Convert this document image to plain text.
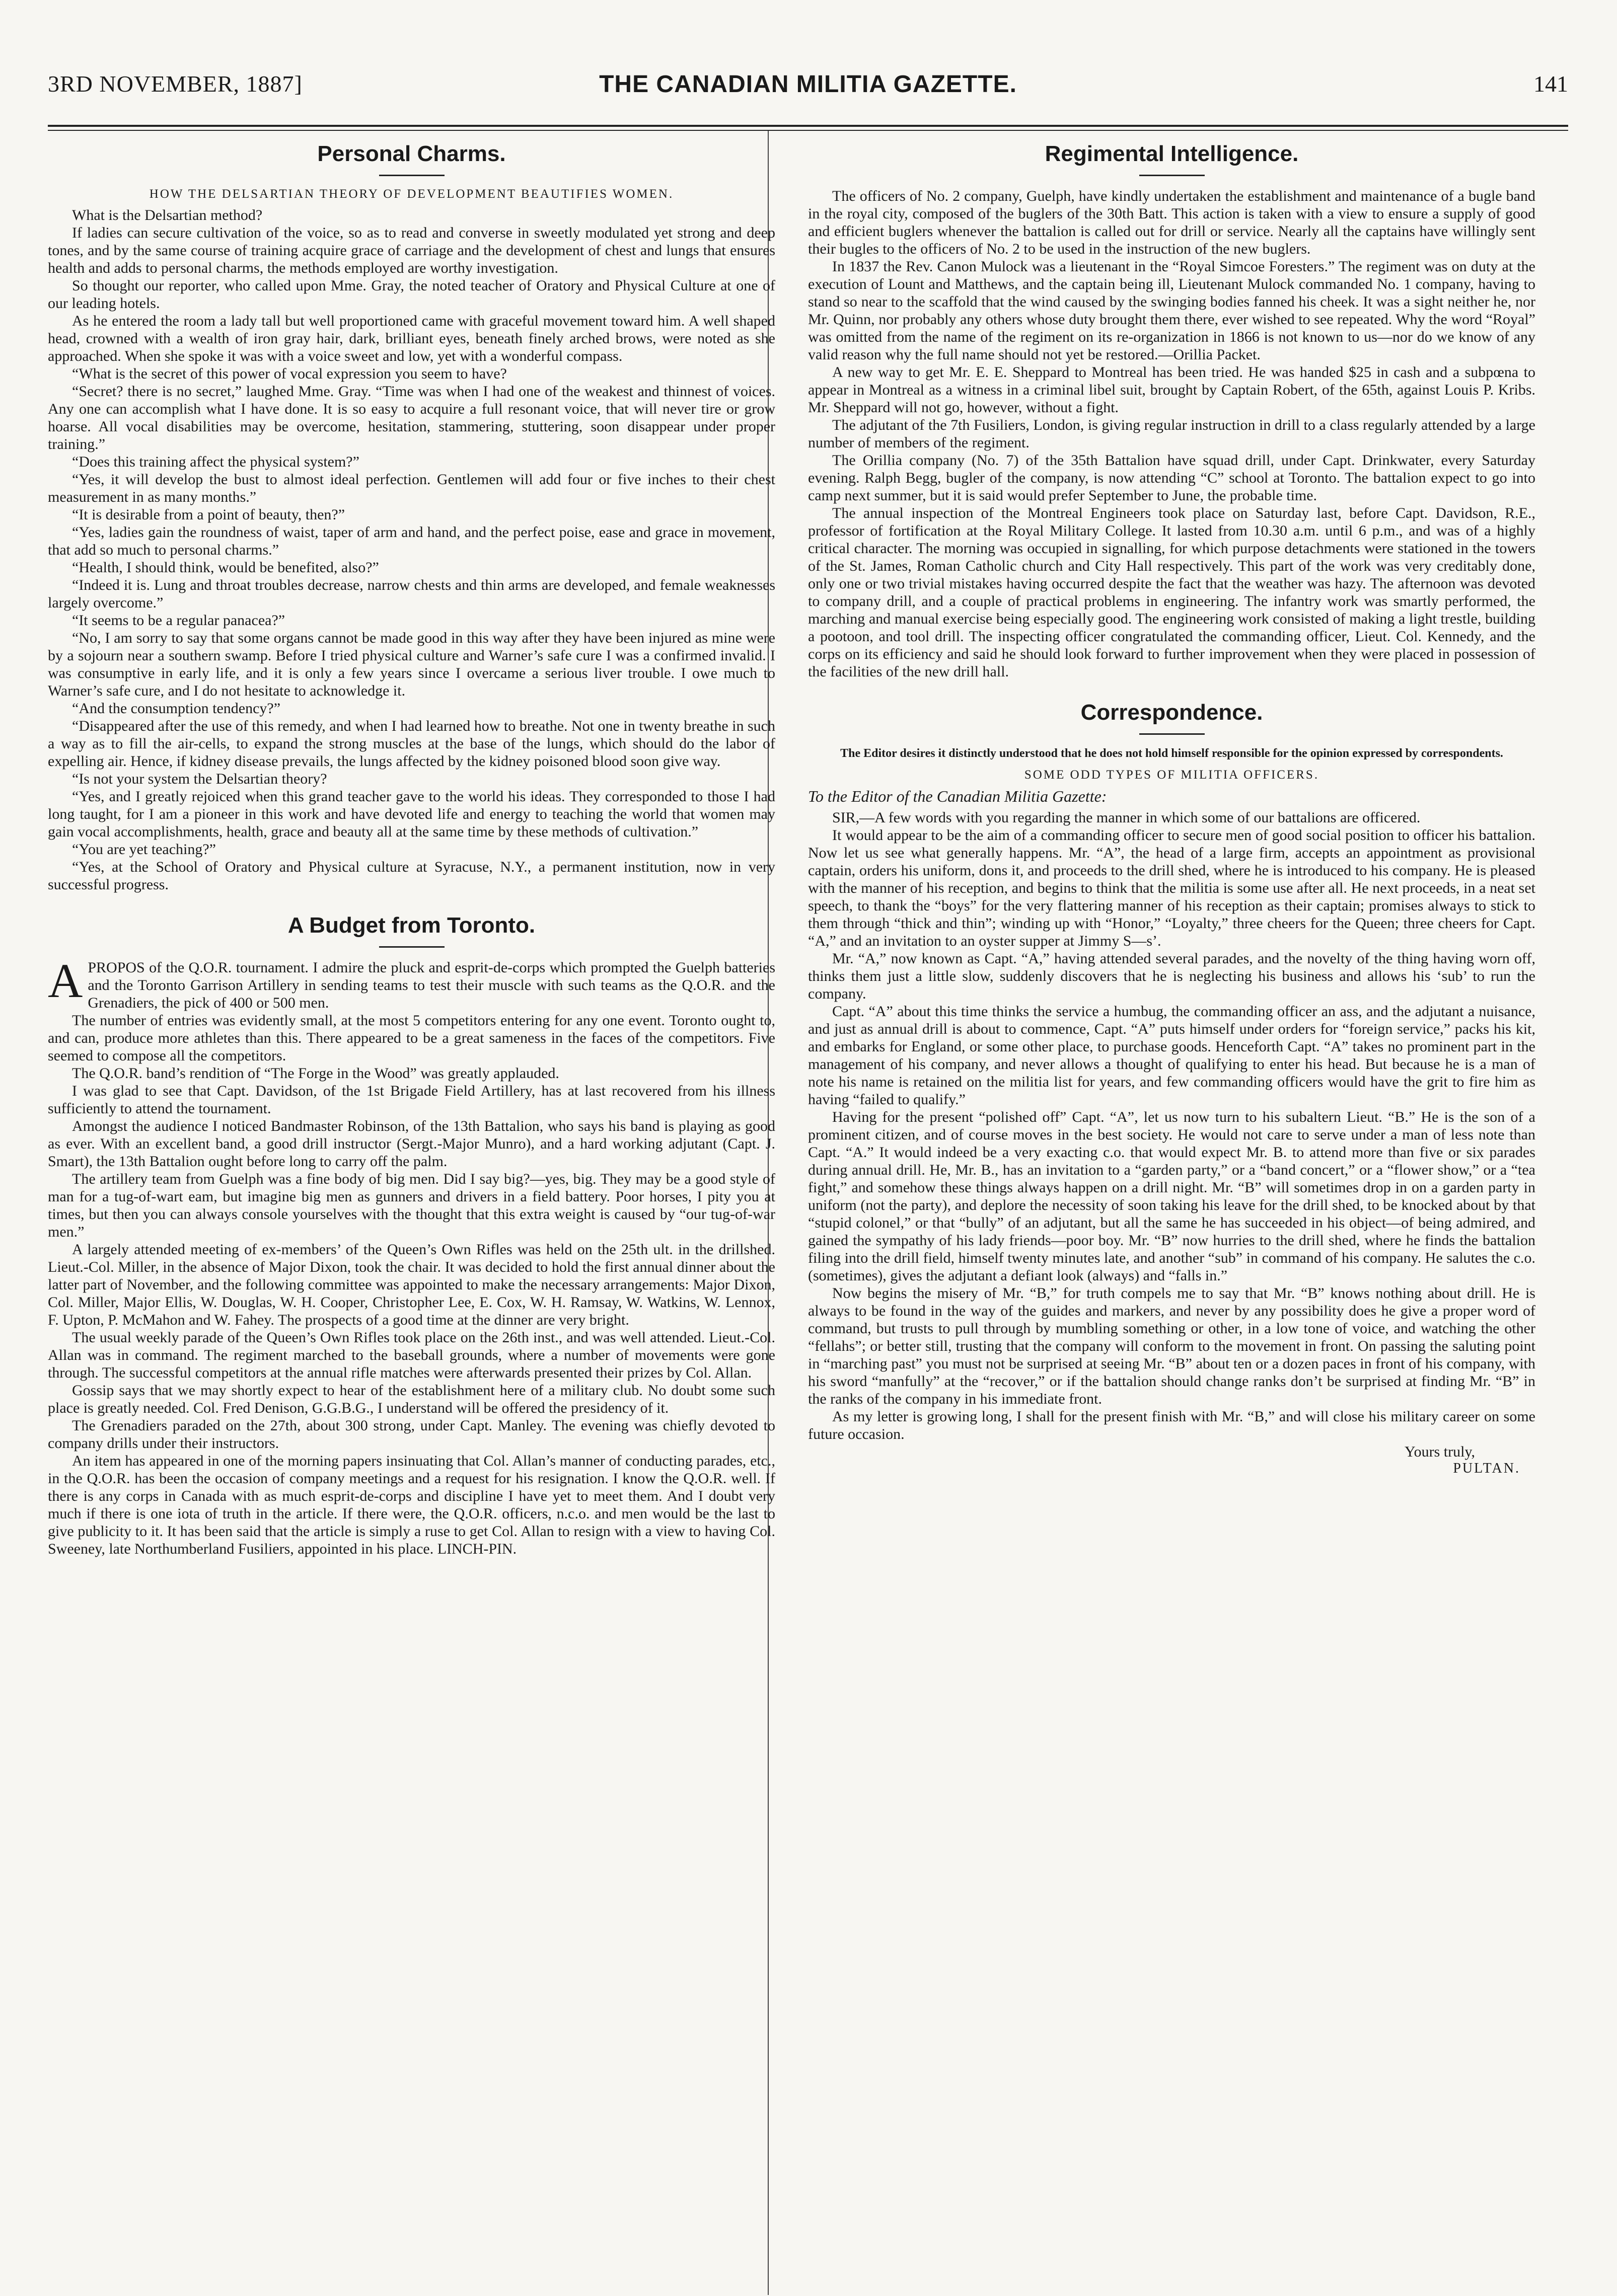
3RD NOVEMBER, 1887]	THE CANADIAN MILITIA GAZETTE.	141
Personal Charms.
HOW THE DELSARTIAN THEORY OF DEVELOPMENT BEAUTIFIES WOMEN.

What is the Delsartian method?

If ladies can secure cultivation of the voice, so as to read and converse in sweetly modulated yet strong and deep tones, and by the same course of training acquire grace of carriage and the development of chest and lungs that ensures health and adds to personal charms, the methods employed are worthy investigation.

So thought our reporter, who called upon Mme. Gray, the noted teacher of Oratory and Physical Culture at one of our leading hotels.

As he entered the room a lady tall but well proportioned came with graceful movement toward him. A well shaped head, crowned with a wealth of iron gray hair, dark, brilliant eyes, beneath finely arched brows, were noted as she approached. When she spoke it was with a voice sweet and low, yet with a wonderful compass.

“What is the secret of this power of vocal expression you seem to have?

“Secret? there is no secret,” laughed Mme. Gray. “Time was when I had one of the weakest and thinnest of voices. Any one can accomplish what I have done. It is so easy to acquire a full resonant voice, that will never tire or grow hoarse. All vocal disabilities may be overcome, hesitation, stammering, stuttering, soon disappear under proper training.”

“Does this training affect the physical system?”

“Yes, it will develop the bust to almost ideal perfection. Gentlemen will add four or five inches to their chest measurement in as many months.”

“It is desirable from a point of beauty, then?”

“Yes, ladies gain the roundness of waist, taper of arm and hand, and the perfect poise, ease and grace in movement, that add so much to personal charms.”

“Health, I should think, would be benefited, also?”

“Indeed it is. Lung and throat troubles decrease, narrow chests and thin arms are developed, and female weaknesses largely overcome.”

“It seems to be a regular panacea?”

“No, I am sorry to say that some organs cannot be made good in this way after they have been injured as mine were by a sojourn near a southern swamp. Before I tried physical culture and Warner’s safe cure I was a confirmed invalid. I was consumptive in early life, and it is only a few years since I overcame a serious liver trouble. I owe much to Warner’s safe cure, and I do not hesitate to acknowledge it.

“And the consumption tendency?”

“Disappeared after the use of this remedy, and when I had learned how to breathe. Not one in twenty breathe in such a way as to fill the air-cells, to expand the strong muscles at the base of the lungs, which should do the labor of expelling air. Hence, if kidney disease prevails, the lungs affected by the kidney poisoned blood soon give way.

“Is not your system the Delsartian theory?

“Yes, and I greatly rejoiced when this grand teacher gave to the world his ideas. They corresponded to those I had long taught, for I am a pioneer in this work and have devoted life and energy to teaching the world that women may gain vocal accomplishments, health, grace and beauty all at the same time by these methods of cultivation.”

“You are yet teaching?”

“Yes, at the School of Oratory and Physical culture at Syracuse, N.Y., a permanent institution, now in very successful progress.

A Budget from Toronto.

APROPOS of the Q.O.R. tournament. I admire the pluck and esprit-de-corps which prompted the Guelph batteries and the Toronto Garrison Artillery in sending teams to test their muscle with such teams as the Q.O.R. and the Grenadiers, the pick of 400 or 500 men.

The number of entries was evidently small, at the most 5 competitors entering for any one event. Toronto ought to, and can, produce more athletes than this. There appeared to be a great sameness in the faces of the competitors. Five seemed to compose all the competitors.

The Q.O.R. band’s rendition of “The Forge in the Wood” was greatly applauded.

I was glad to see that Capt. Davidson, of the 1st Brigade Field Artillery, has at last recovered from his illness sufficiently to attend the tournament.

Amongst the audience I noticed Bandmaster Robinson, of the 13th Battalion, who says his band is playing as good as ever. With an excellent band, a good drill instructor (Sergt.-Major Munro), and a hard working adjutant (Capt. J. Smart), the 13th Battalion ought before long to carry off the palm.

The artillery team from Guelph was a fine body of big men. Did I say big?—yes, big. They may be a good style of man for a tug-of-wart eam, but imagine big men as gunners and drivers in a field battery. Poor horses, I pity you at times, but then you can always console yourselves with the thought that this extra weight is caused by “our tug-of-war men.”

A largely attended meeting of ex-members’ of the Queen’s Own Rifles was held on the 25th ult. in the drillshed. Lieut.-Col. Miller, in the absence of Major Dixon, took the chair. It was decided to hold the first annual dinner about the latter part of November, and the following committee was appointed to make the necessary arrangements: Major Dixon, Col. Miller, Major Ellis, W. Douglas, W. H. Cooper, Christopher Lee, E. Cox, W. H. Ramsay, W. Watkins, W. Lennox, F. Upton, P. McMahon and W. Fahey. The prospects of a good time at the dinner are very bright.

The usual weekly parade of the Queen’s Own Rifles took place on the 26th inst., and was well attended. Lieut.-Col. Allan was in command. The regiment marched to the baseball grounds, where a number of movements were gone through. The successful competitors at the annual rifle matches were afterwards presented their prizes by Col. Allan.

Gossip says that we may shortly expect to hear of the establishment here of a military club. No doubt some such place is greatly needed. Col. Fred Denison, G.G.B.G., I understand will be offered the presidency of it.

The Grenadiers paraded on the 27th, about 300 strong, under Capt. Manley. The evening was chiefly devoted to company drills under their instructors.

An item has appeared in one of the morning papers insinuating that Col. Allan’s manner of conducting parades, etc., in the Q.O.R. has been the occasion of company meetings and a request for his resignation. I know the Q.O.R. well. If there is any corps in Canada with as much esprit-de-corps and discipline I have yet to meet them. And I doubt very much if there is one iota of truth in the article. If there were, the Q.O.R. officers, n.c.o. and men would be the last to give publicity to it. It has been said that the article is simply a ruse to get Col. Allan to resign with a view to having Col. Sweeney, late Northumberland Fusiliers, appointed in his place. LINCH-PIN.

Regimental Intelligence.

The officers of No. 2 company, Guelph, have kindly undertaken the establishment and maintenance of a bugle band in the royal city, composed of the buglers of the 30th Batt. This action is taken with a view to ensure a supply of good and efficient buglers whenever the battalion is called out for drill or service. Nearly all the captains have willingly sent their bugles to the officers of No. 2 to be used in the instruction of the new buglers.

In 1837 the Rev. Canon Mulock was a lieutenant in the “Royal Simcoe Foresters.” The regiment was on duty at the execution of Lount and Matthews, and the captain being ill, Lieutenant Mulock commanded No. 1 company, having to stand so near to the scaffold that the wind caused by the swinging bodies fanned his cheek. It was a sight neither he, nor Mr. Quinn, nor probably any others whose duty brought them there, ever wished to see repeated. Why the word “Royal” was omitted from the name of the regiment on its re-organization in 1866 is not known to us—nor do we know of any valid reason why the full name should not yet be restored.—Orillia Packet.

A new way to get Mr. E. E. Sheppard to Montreal has been tried. He was handed $25 in cash and a subpœna to appear in Montreal as a witness in a criminal libel suit, brought by Captain Robert, of the 65th, against Louis P. Kribs. Mr. Sheppard will not go, however, without a fight.

The adjutant of the 7th Fusiliers, London, is giving regular instruction in drill to a class regularly attended by a large number of members of the regiment.

The Orillia company (No. 7) of the 35th Battalion have squad drill, under Capt. Drinkwater, every Saturday evening. Ralph Begg, bugler of the company, is now attending “C” school at Toronto. The battalion expect to go into camp next summer, but it is said would prefer September to June, the probable time.

The annual inspection of the Montreal Engineers took place on Saturday last, before Capt. Davidson, R.E., professor of fortification at the Royal Military College. It lasted from 10.30 a.m. until 6 p.m., and was of a highly critical character. The morning was occupied in signalling, for which purpose detachments were stationed in the towers of the St. James, Roman Catholic church and City Hall respectively. This part of the work was very creditably done, only one or two trivial mistakes having occurred despite the fact that the weather was hazy. The afternoon was devoted to company drill, and a couple of practical problems in engineering. The infantry work was smartly performed, the marching and manual exercise being especially good. The engineering work consisted of making a light trestle, building a pootoon, and tool drill. The inspecting officer congratulated the commanding officer, Lieut. Col. Kennedy, and the corps on its efficiency and said he should look forward to further improvement when they were placed in possession of the facilities of the new drill hall.

Correspondence.
The Editor desires it distinctly understood that he does not hold himself responsible for the opinion expressed by correspondents.
SOME ODD TYPES OF MILITIA OFFICERS.
To the Editor of the Canadian Militia Gazette:

SIR,—A few words with you regarding the manner in which some of our battalions are officered.

It would appear to be the aim of a commanding officer to secure men of good social position to officer his battalion. Now let us see what generally happens. Mr. “A”, the head of a large firm, accepts an appointment as provisional captain, orders his uniform, dons it, and proceeds to the drill shed, where he is introduced to his company. He is pleased with the manner of his reception, and begins to think that the militia is some use after all. He next proceeds, in a neat set speech, to thank the “boys” for the very flattering manner of his reception as their captain; promises always to stick to them through “thick and thin”; winding up with “Honor,” “Loyalty,” three cheers for the Queen; three cheers for Capt. “A,” and an invitation to an oyster supper at Jimmy S—s’.

Mr. “A,” now known as Capt. “A,” having attended several parades, and the novelty of the thing having worn off, thinks them just a little slow, suddenly discovers that he is neglecting his business and allows his ‘sub’ to run the company.

Capt. “A” about this time thinks the service a humbug, the commanding officer an ass, and the adjutant a nuisance, and just as annual drill is about to commence, Capt. “A” puts himself under orders for “foreign service,” packs his kit, and embarks for England, or some other place, to purchase goods. Henceforth Capt. “A” takes no prominent part in the management of his company, and never allows a thought of qualifying to enter his head. But because he is a man of note his name is retained on the militia list for years, and few commanding officers would have the grit to fire him as having “failed to qualify.”

Having for the present “polished off” Capt. “A”, let us now turn to his subaltern Lieut. “B.” He is the son of a prominent citizen, and of course moves in the best society. He would not care to serve under a man of less note than Capt. “A.” It would indeed be a very exacting c.o. that would expect Mr. B. to attend more than five or six parades during annual drill. He, Mr. B., has an invitation to a “garden party,” or a “band concert,” or a “flower show,” or a “tea fight,” and somehow these things always happen on a drill night. Mr. “B” will sometimes drop in on a garden party in uniform (not the party), and deplore the necessity of soon taking his leave for the drill shed, to be knocked about by that “stupid colonel,” or that “bully” of an adjutant, but all the same he has succeeded in his object—of being admired, and gained the sympathy of his lady friends—poor boy. Mr. “B” now hurries to the drill shed, where he finds the battalion filing into the drill field, himself twenty minutes late, and another “sub” in command of his company. He salutes the c.o. (sometimes), gives the adjutant a defiant look (always) and “falls in.”

Now begins the misery of Mr. “B,” for truth compels me to say that Mr. “B” knows nothing about drill. He is always to be found in the way of the guides and markers, and never by any possibility does he give a proper word of command, but trusts to pull through by mumbling something or other, in a low tone of voice, and watching the other “fellahs”; or better still, trusting that the company will conform to the movement in front. On passing the saluting point in “marching past” you must not be surprised at seeing Mr. “B” about ten or a dozen paces in front of his company, with his sword “manfully” at the “recover,” or if the battalion should change ranks don’t be surprised at finding Mr. “B” in the ranks of the company in his immediate front.

As my letter is growing long, I shall for the present finish with Mr. “B,” and will close his military career on some future occasion.

Yours truly,
PULTAN.
